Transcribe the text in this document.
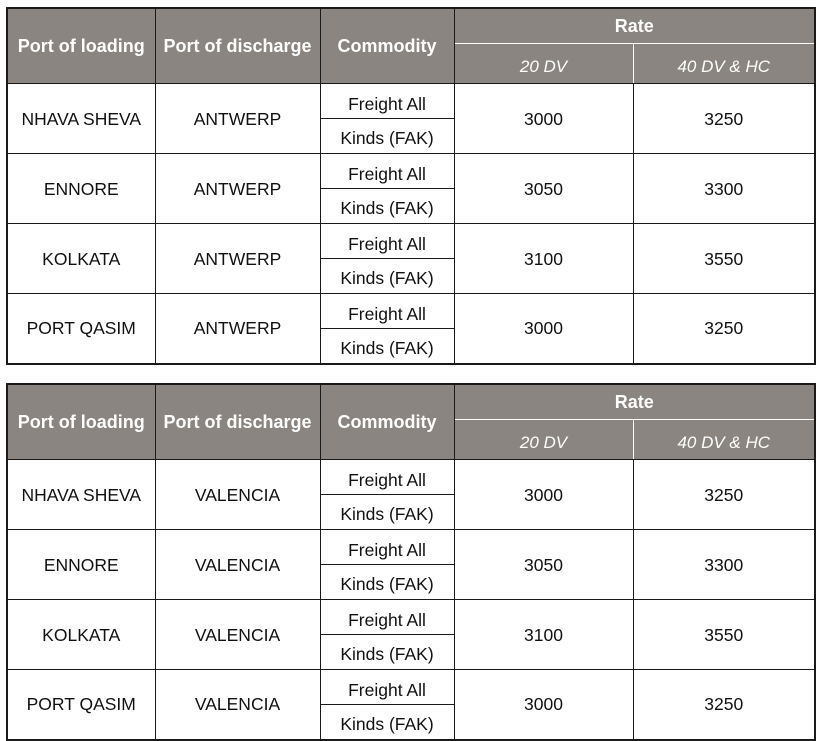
Port of loading	Port of discharge	Commodity	Rate	
			20 DV	40 DV & HC
NHAVA SHEVA	ANTWERP	Freight All	3000	3250
		Kinds (FAK)		
ENNORE	ANTWERP	Freight All	3050	3300
		Kinds (FAK)		
KOLKATA	ANTWERP	Freight All	3100	3550
		Kinds (FAK)		
PORT QASIM	ANTWERP	Freight All	3000	3250
		Kinds (FAK)		
Port of loading	Port of discharge	Commodity	Rate	
			20 DV	40 DV & HC
NHAVA SHEVA	VALENCIA	Freight All	3000	3250
		Kinds (FAK)		
ENNORE	VALENCIA	Freight All	3050	3300
		Kinds (FAK)		
KOLKATA	VALENCIA	Freight All	3100	3550
		Kinds (FAK)		
PORT QASIM	VALENCIA	Freight All	3000	3250
		Kinds (FAK)		
